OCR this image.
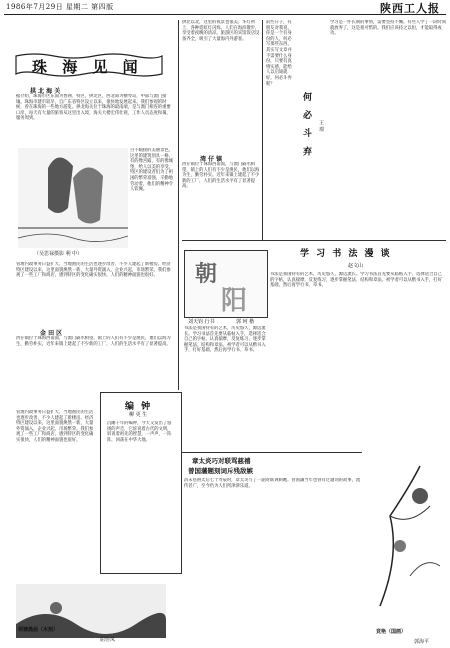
1986年7月29日 星期二 第四版	陕西工人报
珠 海 见 闻
拱 北 海 关
据介绍，珠海市区东面为香洲、特区，拱北区，西北部为横琴岛，中部与澳门接壤。珠海市建市较早，自广东省特区设立以来，很快地发展起来。我们参观的时候，曾在珠海的一些地方游览。拱北海关位于珠海的最南端，是与澳门相连的重要口岸，每天有大量的旅客从这里出入境，海关大楼宏伟壮观，工作人员态度和蔼，服务周到。
（吴思禄摄影 利 中）
目不暇接的美丽景色，这里的建筑别具一格，有的像宫殿，有的像城堡，给人以美的享受。特区的建设者们为了祖国的繁荣富强，辛勤地劳动着，他们的精神令人钦佩。
管理内政事务日益扩大，当地渔民的生活也逐步改善，不少人建起了新楼房。经济特区建设以来，这里面貌焕然一新，大量外资涌入，企业兴起，市场繁荣。我们参观了一些工厂和商店，感到特区的变化确实很快，人们的精神面貌也很好。
金 田 区
湾仔镇位于珠海西南面，与澳门隔水相望，镇上的人们有不少是渔民，他们以海为生，勤劳朴实。近年来镇上建起了不少新的工厂，人们的生活水平有了显著提高。
拱北以北，这里的夜景也很美，华灯初上，各种霓虹灯闪烁，人们在海滨散步，享受着夜晚的清凉。旅游区的宾馆饭店设备齐全，吸引了大量海内外游客。
湾 仔 镇
湾仔镇位于珠海西南面，与澳门隔水相望，镇上的人们有不少是渔民，他们以海为生，勤劳朴实。近年来镇上建起了不少新的工厂，人们的生活水平有了显著提高。
何 必 斗 弃	王 璟
前些日子，有朋友对我说，你是一个有身份的人，何必写那些东西。其实写文章并不需要什么身份，只要有真情实感，能给人以启迪就好。何必斗弃呢？
学习是一件长期的事情，需要坚持不懈。有些人学了一段时间就放弃了，这是很可惜的。我们应该持之以恒，才能取得成功。
学 习 书 法 漫 谈
赵文山
朝
阳
刘天钧 行书	郭 珂 楷
书法是我国特有的艺术，历史悠久，源远流长。学习书法首先要从临帖入手，选择适合自己的字帖，认真揣摩，反复练习，逐步掌握笔法、结构和章法。初学者可以从楷书入手，打好基础，然后再学行书、草书。
书法是我国特有的艺术，历史悠久，源远流长。学习书法首先要从临帖入手，选择适合自己的字帖，认真揣摩，反复练习，逐步掌握笔法、结构和章法。初学者可以从楷书入手，打好基础，然后再学行书、草书。
编 钟
柳 更 生
沉睡千年的编钟，今天又发出了悠扬的声音，它诉说着古代的文明，诉说着祖先的智慧，一声声，一阵阵，回荡在中华大地。
管理内政事务日益扩大，当地渔民的生活也逐步改善，不少人建起了新楼房。经济特区建设以来，这里面貌焕然一新，大量外资涌入，企业兴起，市场繁荣。我们参观了一些工厂和商店，感到特区的变化确实很快，人们的精神面貌也很好。
荷塘晨曲（木刻）
屈佳凤
章太炎巧对联骂慈禧
曾国藩题刻词斥残敌嫉
清末慈禧太后七十寿辰时，章太炎写了一副对联讽刺她。曾国藩当年也曾有过题词的故事，流传甚广，至今仍为人们所津津乐道。
竞艳（国画）
郭海平
